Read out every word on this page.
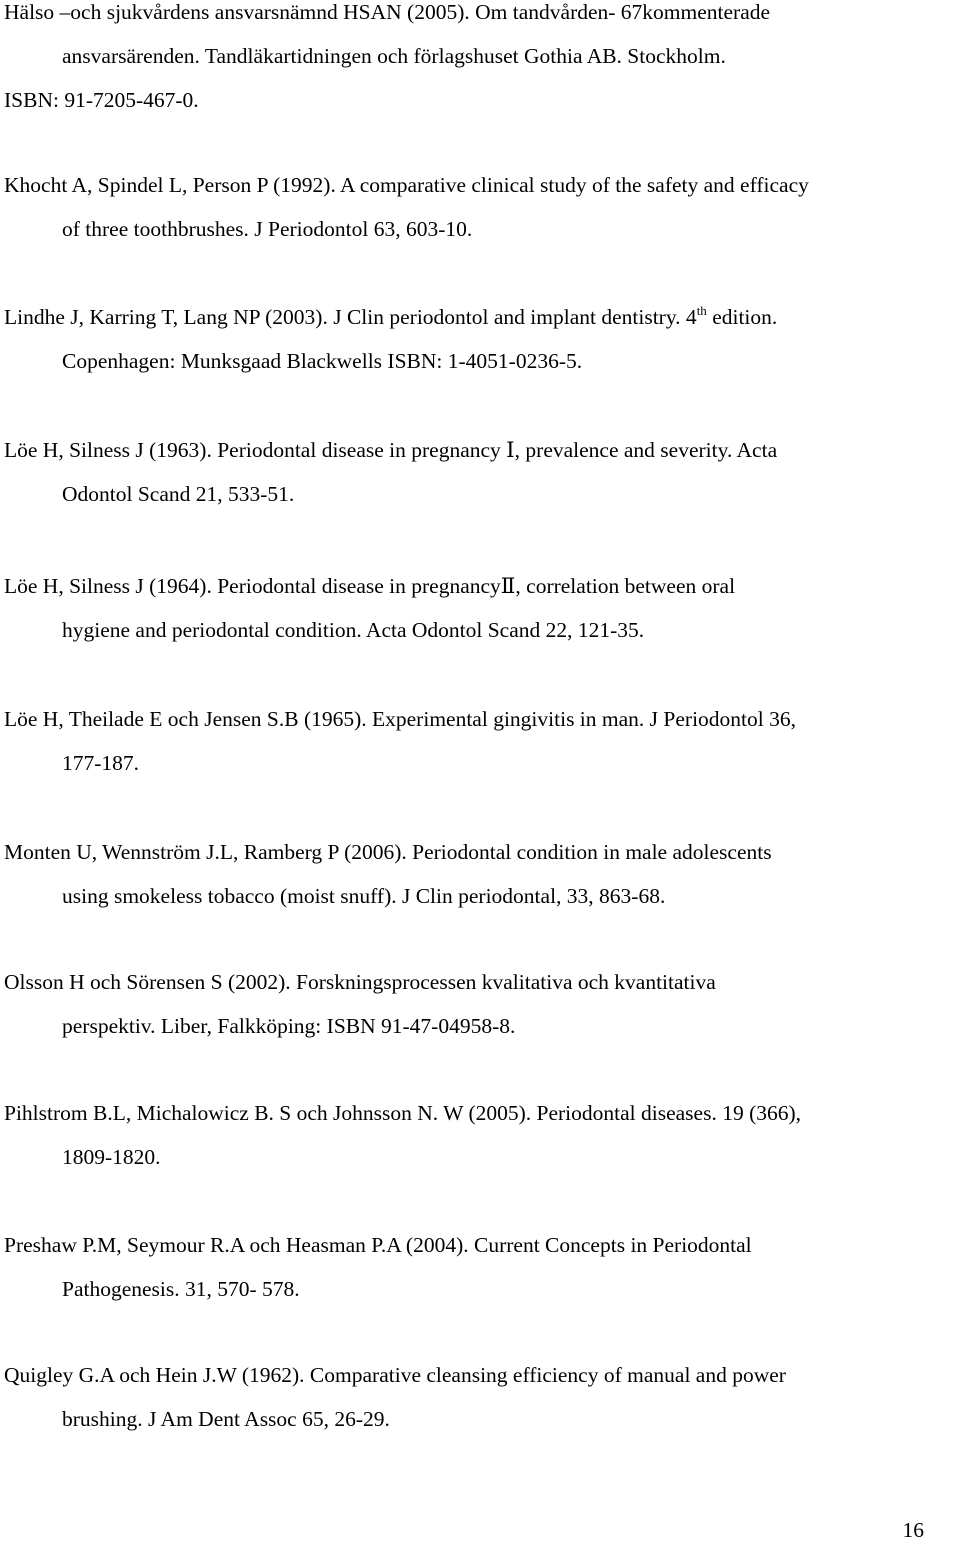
Hälso –och sjukvårdens ansvarsnämnd HSAN (2005). Om tandvården- 67kommenterade
ansvarsärenden. Tandläkartidningen och förlagshuset Gothia AB. Stockholm.
ISBN: 91-7205-467-0.

Khocht A, Spindel L, Person P (1992). A comparative clinical study of the safety and efficacy
of three toothbrushes. J Periodontol 63, 603-10.

Lindhe J, Karring T, Lang NP (2003). J Clin periodontol and implant dentistry. 4th edition.
Copenhagen: Munksgaad Blackwells ISBN: 1-4051-0236-5.

Löe H, Silness J (1963). Periodontal disease in pregnancy Ⅰ, prevalence and severity. Acta
Odontol Scand 21, 533-51.

Löe H, Silness J (1964). Periodontal disease in pregnancyⅡ, correlation between oral
hygiene and periodontal condition. Acta Odontol Scand 22, 121-35.

Löe H, Theilade E och Jensen S.B (1965). Experimental gingivitis in man. J Periodontol 36,
177-187.

Monten U, Wennström J.L, Ramberg P (2006). Periodontal condition in male adolescents
using smokeless tobacco (moist snuff). J Clin periodontal, 33, 863-68.

Olsson H och Sörensen S (2002). Forskningsprocessen kvalitativa och kvantitativa
perspektiv. Liber, Falkköping: ISBN 91-47-04958-8.

Pihlstrom B.L, Michalowicz B. S och Johnsson N. W (2005). Periodontal diseases. 19 (366),
1809-1820.

Preshaw P.M, Seymour R.A och Heasman P.A (2004). Current Concepts in Periodontal
Pathogenesis. 31, 570- 578.

Quigley G.A och Hein J.W (1962). Comparative cleansing efficiency of manual and power
brushing. J Am Dent Assoc 65, 26-29.

16
